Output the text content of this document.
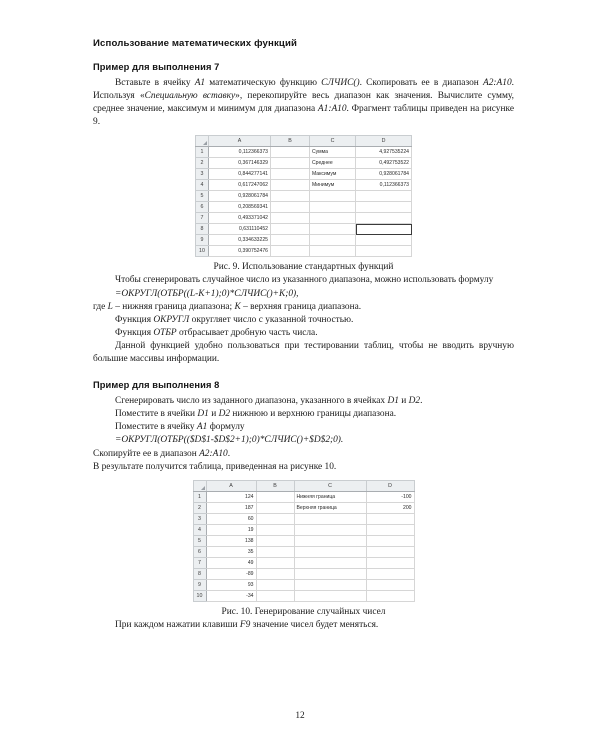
Использование математических функций
Пример для выполнения 7

Вставьте в ячейку A1 математическую функцию СЛЧИС(). Скопировать ее в диапазон A2:A10. Используя «Специальную вставку», перекопируйте весь диапазон как значения. Вычислите сумму, среднее значение, максимум и минимум для диапазона A1:A10. Фрагмент таблицы приведен на рисунке 9.

	A	B	C	D
1	0,112366373		Сумма	4,927535224
2	0,367146329		Среднее	0,492753522
3	0,844277141		Максимум	0,928061784
4	0,617247062		Минимум	0,112366373
5	0,928061784			
6	0,208569341			
7	0,493371042			
8	0,631110452			
9	0,334633225			
10	0,390752476			

Рис. 9. Использование стандартных функций

Чтобы сгенерировать случайное число из указанного диапазона, можно использовать формулу

=ОКРУГЛ(ОТБР((L-K+1);0)*СЛЧИС()+K;0),

где L – нижняя граница диапазона; K – верхняя граница диапазона.

Функция ОКРУГЛ округляет число с указанной точностью.

Функция ОТБР отбрасывает дробную часть числа.

Данной функцией удобно пользоваться при тестировании таблиц, чтобы не вводить вручную большие массивы информации.

Пример для выполнения 8

Сгенерировать число из заданного диапазона, указанного в ячейках D1 и D2.

Поместите в ячейки D1 и D2 нижнюю и верхнюю границы диапазона.

Поместите в ячейку A1 формулу

=ОКРУГЛ(ОТБР(($D$1-$D$2+1);0)*СЛЧИС()+$D$2;0).

Скопируйте ее в диапазон A2:A10.

В результате получится таблица, приведенная на рисунке 10.

	A	B	C	D
1	124		Нижняя граница	-100
2	187		Верхняя граница	200
3	60			
4	19			
5	138			
6	35			
7	49			
8	-89			
9	93			
10	-34			

Рис. 10. Генерирование случайных чисел

При каждом нажатии клавиши F9 значение чисел будет меняться.

12
